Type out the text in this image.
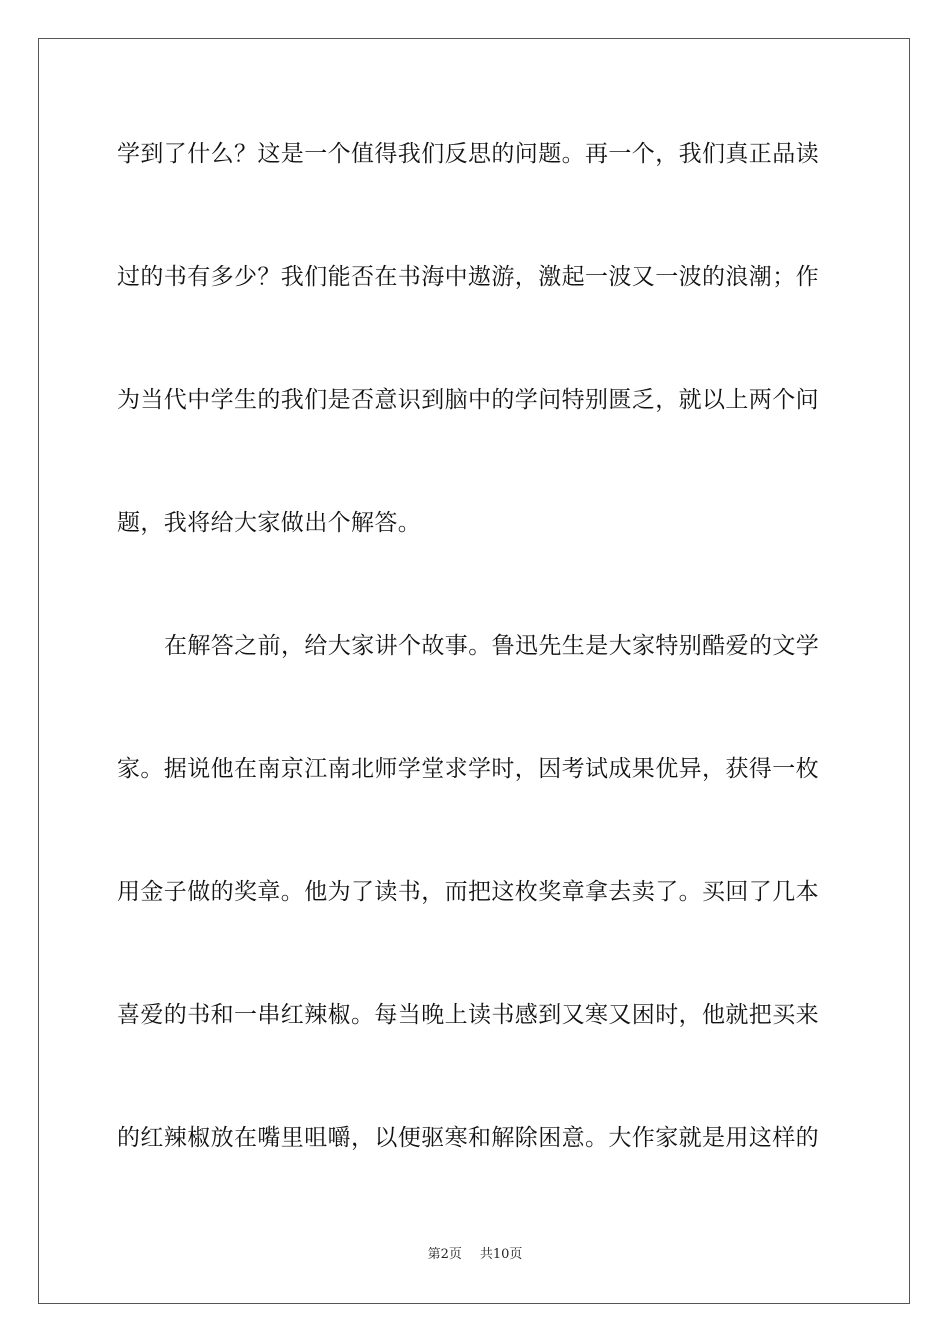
学到了什么？这是一个值得我们反思的问题。再一个，我们真正品读
过的书有多少？我们能否在书海中遨游，激起一波又一波的浪潮；作
为当代中学生的我们是否意识到脑中的学问特别匮乏，就以上两个问
题，我将给大家做出个解答。
在解答之前，给大家讲个故事。鲁迅先生是大家特别酷爱的文学
家。据说他在南京江南北师学堂求学时，因考试成果优异，获得一枚
用金子做的奖章。他为了读书，而把这枚奖章拿去卖了。买回了几本
喜爱的书和一串红辣椒。每当晚上读书感到又寒又困时，他就把买来
的红辣椒放在嘴里咀嚼，以便驱寒和解除困意。大作家就是用这样的
第2页 共10页
